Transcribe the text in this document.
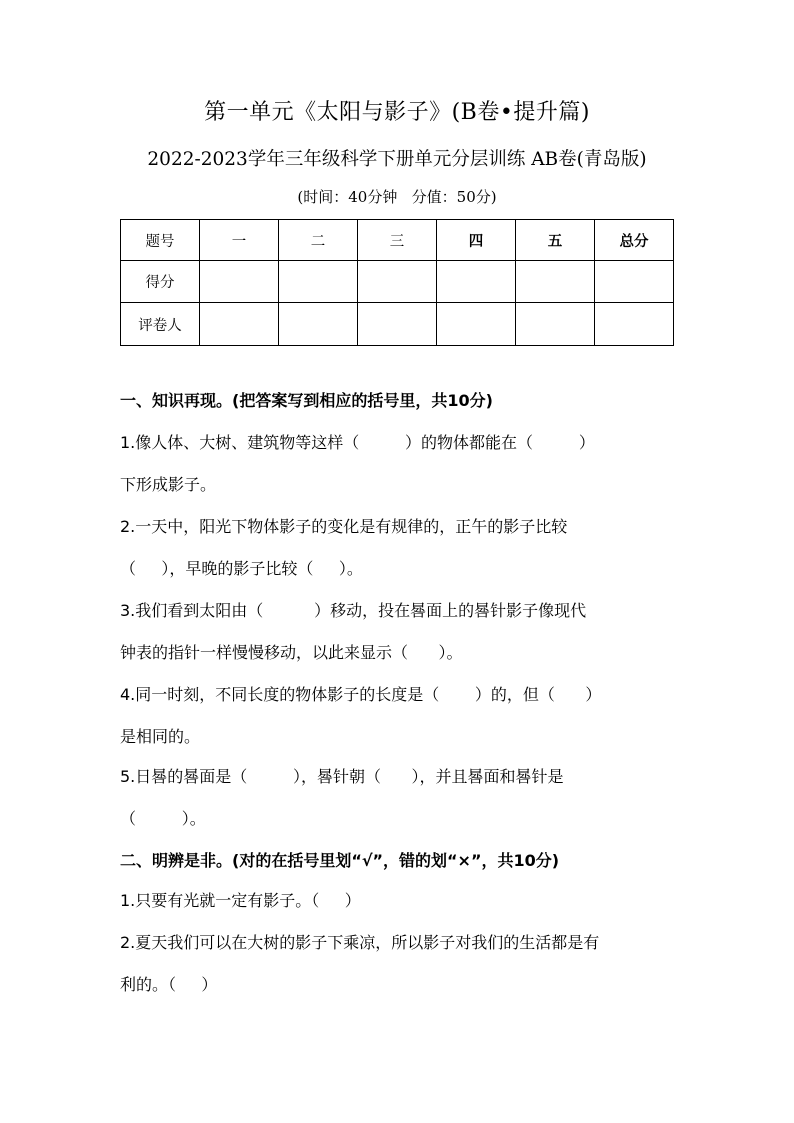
第一单元《太阳与影子》(B卷•提升篇)
2022-2023学年三年级科学下册单元分层训练 AB卷(青岛版)
(时间：40分钟   分值：50分)
题号	一	二	三	四	五	总分
得分						
评卷人						
一、知识再现。(把答案写到相应的括号里，共10分)
1.像人体、大树、建筑物等这样（         ）的物体都能在（         ）
下形成影子。
2.一天中，阳光下物体影子的变化是有规律的，正午的影子比较
（     ），早晚的影子比较（     ）。
3.我们看到太阳由（          ）移动，投在晷面上的晷针影子像现代
钟表的指针一样慢慢移动，以此来显示（      ）。
4.同一时刻，不同长度的物体影子的长度是（       ）的，但（      ）
是相同的。
5.日晷的晷面是（         ），晷针朝（      ），并且晷面和晷针是
（         ）。
二、明辨是非。(对的在括号里划“√”，错的划“×”，共10分)
1.只要有光就一定有影子。（     ）
2.夏天我们可以在大树的影子下乘凉，所以影子对我们的生活都是有
利的。（     ）
